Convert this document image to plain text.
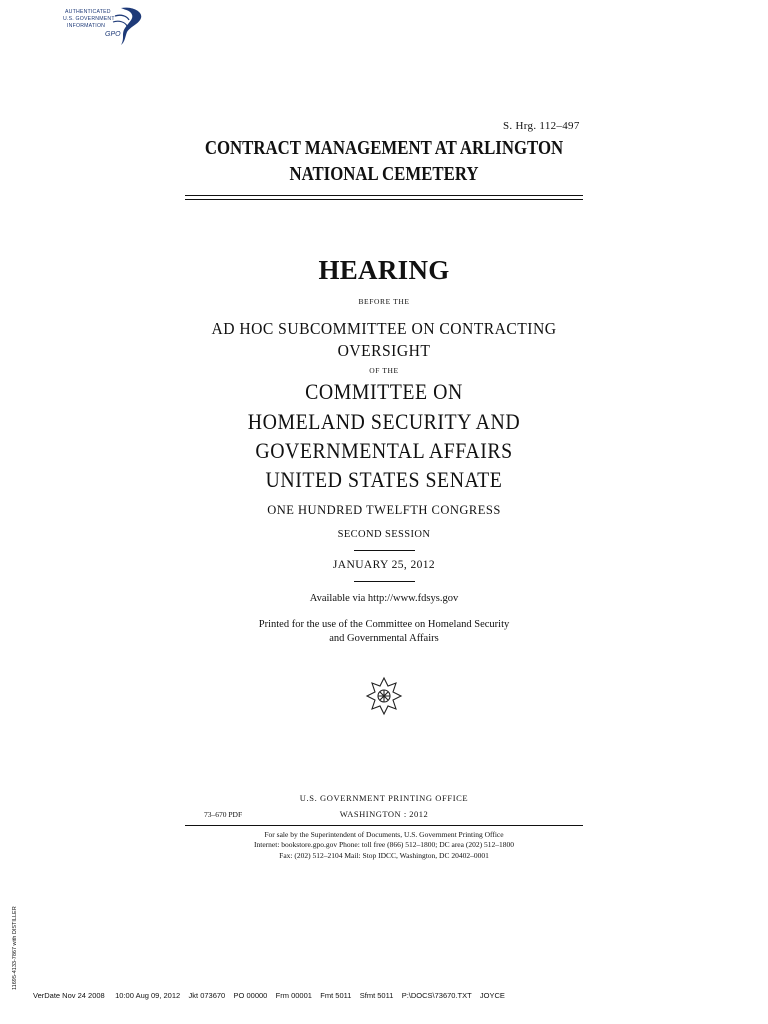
AUTHENTICATED
U.S. GOVERNMENT
INFORMATION
GPO
S. Hrg. 112–497
CONTRACT MANAGEMENT AT ARLINGTON
NATIONAL CEMETERY
HEARING
BEFORE THE
AD HOC SUBCOMMITTEE ON CONTRACTING
OVERSIGHT
OF THE
COMMITTEE ON
HOMELAND SECURITY AND
GOVERNMENTAL AFFAIRS
UNITED STATES SENATE
ONE HUNDRED TWELFTH CONGRESS
SECOND SESSION
JANUARY 25, 2012
Available via http://www.fdsys.gov
Printed for the use of the Committee on Homeland Security
and Governmental Affairs
U.S. GOVERNMENT PRINTING OFFICE
73–670 PDF	WASHINGTON : 2012
For sale by the Superintendent of Documents, U.S. Government Printing Office
Internet: bookstore.gpo.gov Phone: toll free (866) 512–1800; DC area (202) 512–1800
Fax: (202) 512–2104 Mail: Stop IDCC, Washington, DC 20402–0001
11695-4133-7867 with DISTILLER
VerDate Nov 24 2008     10:00 Aug 09, 2012    Jkt 073670    PO 00000    Frm 00001    Fmt 5011    Sfmt 5011    P:\DOCS\73670.TXT    JOYCE
